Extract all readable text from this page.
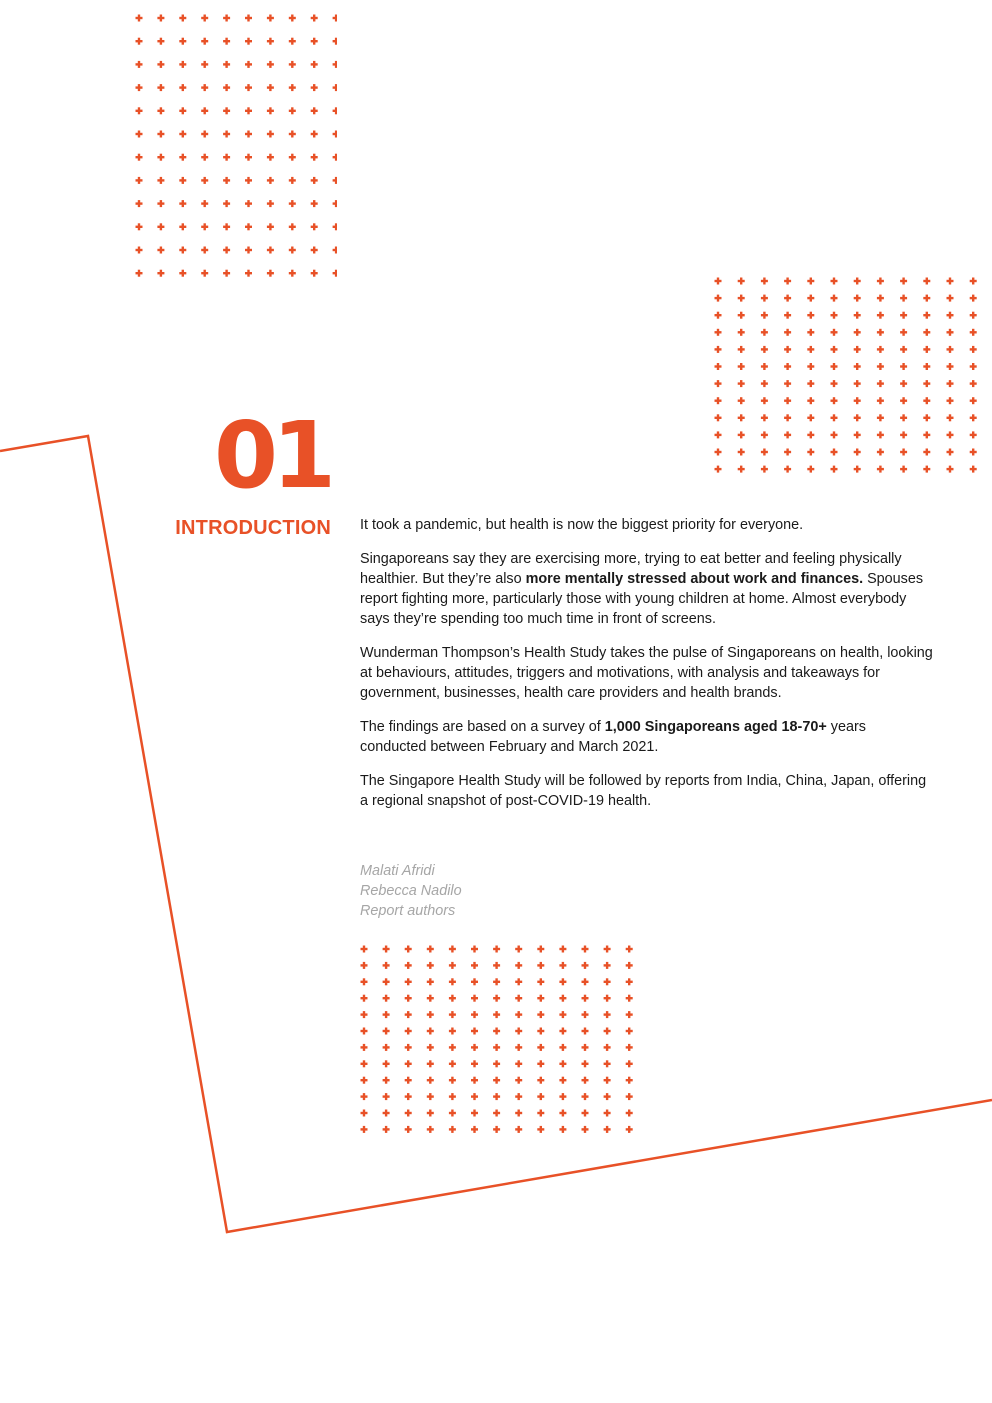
01
INTRODUCTION It took a pandemic, but health is now the biggest priority for everyone.

Singaporeans say they are exercising more, trying to eat better and feeling physically healthier. But they’re also more mentally stressed about work and finances. Spouses report fighting more, particularly those with young children at home. Almost everybody says they’re spending too much time in front of screens.

Wunderman Thompson’s Health Study takes the pulse of Singaporeans on health, looking at behaviours, attitudes, triggers and motivations, with analysis and takeaways for government, businesses, health care providers and health brands.

The findings are based on a survey of 1,000 Singaporeans aged 18-70+ years conducted between February and March 2021.

The Singapore Health Study will be followed by reports from India, China, Japan, offering a regional snapshot of post-COVID-19 health.

Malati Afridi
Rebecca Nadilo
Report authors
